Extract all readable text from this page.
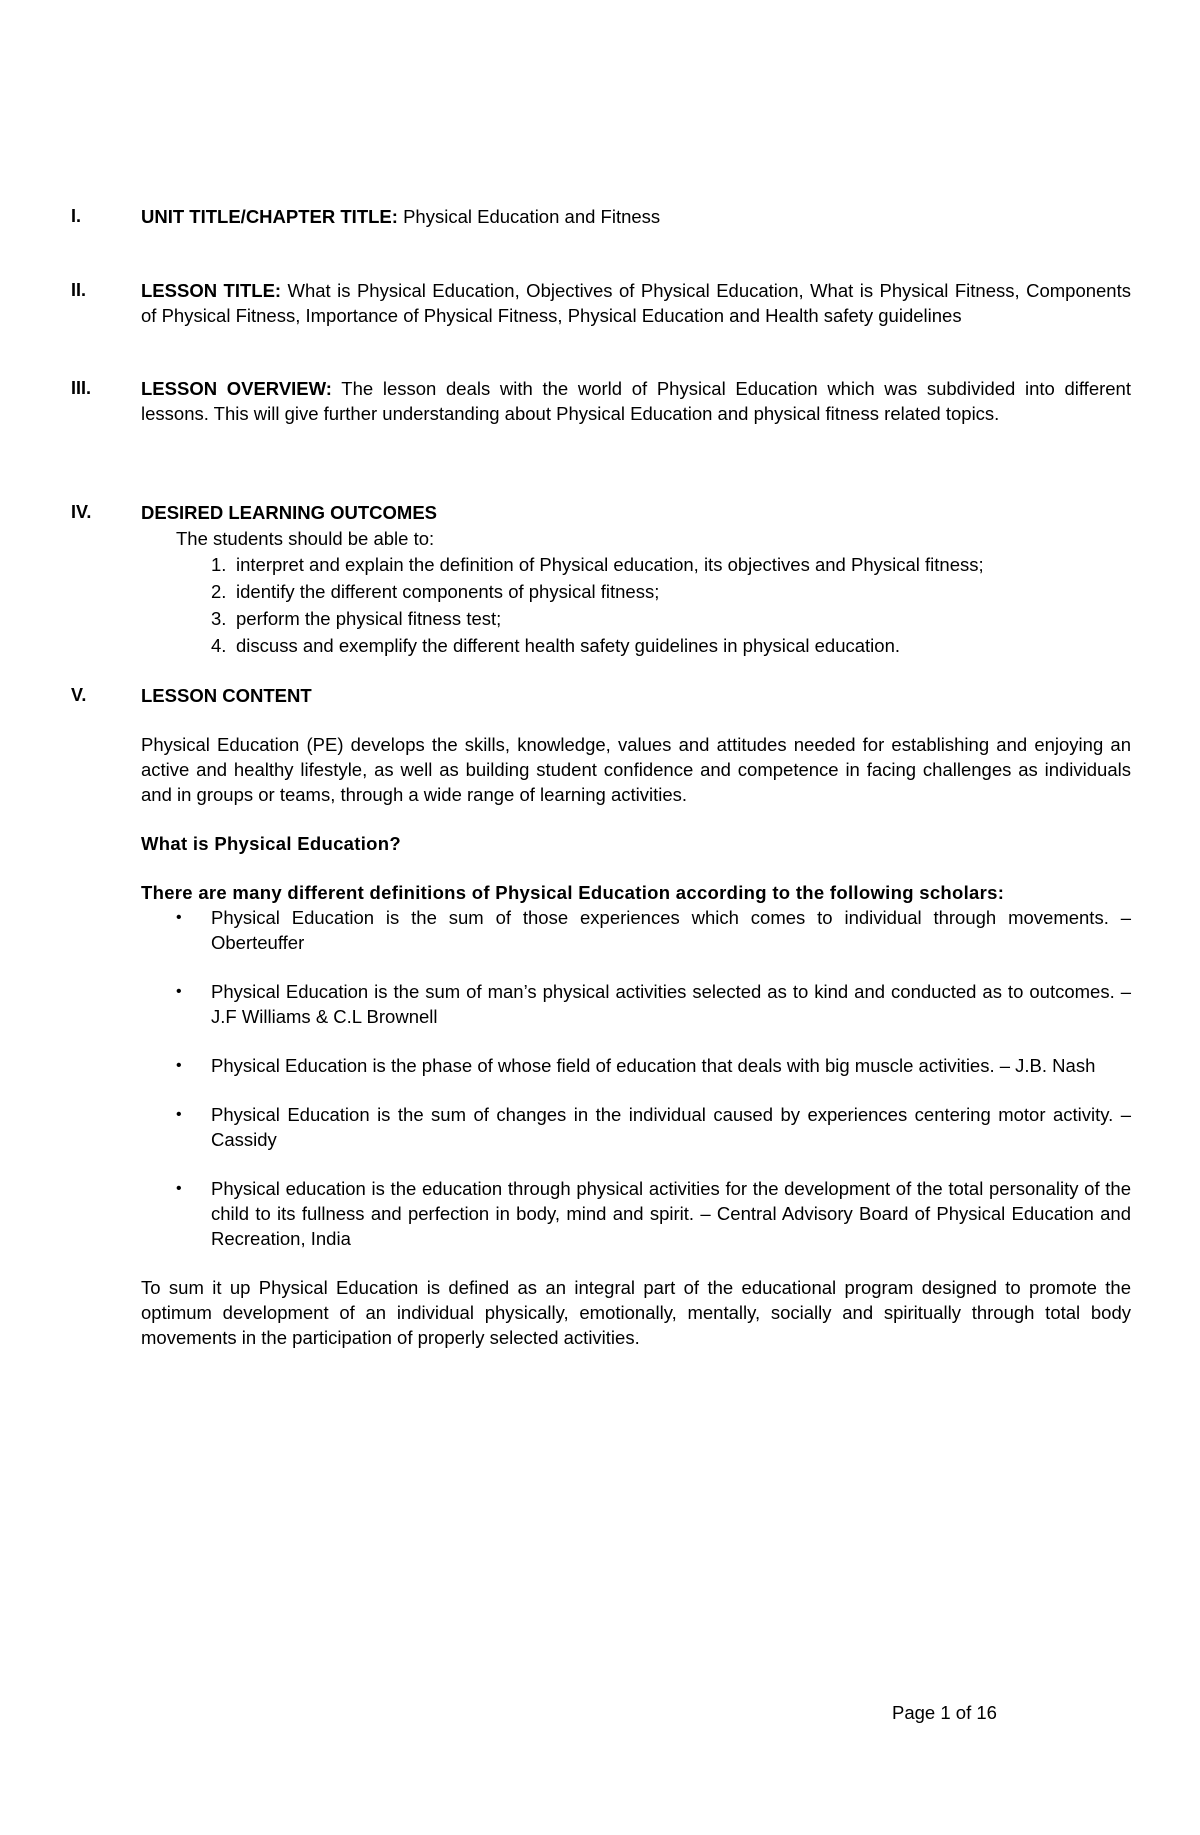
I.	UNIT TITLE/CHAPTER TITLE: Physical Education and Fitness
II.	LESSON TITLE: What is Physical Education, Objectives of Physical Education, What is Physical Fitness, Components of Physical Fitness, Importance of Physical Fitness, Physical Education and Health safety guidelines
III.	LESSON OVERVIEW: The lesson deals with the world of Physical Education which was subdivided into different lessons. This will give further understanding about Physical Education and physical fitness related topics.
IV.	DESIRED LEARNING OUTCOMES
The students should be able to:
1. interpret and explain the definition of Physical education, its objectives and Physical fitness;
2. identify the different components of physical fitness;
3. perform the physical fitness test;
4. discuss and exemplify the different health safety guidelines in physical education.
V.	LESSON CONTENT
Physical Education (PE) develops the skills, knowledge, values and attitudes needed for establishing and enjoying an active and healthy lifestyle, as well as building student confidence and competence in facing challenges as individuals and in groups or teams, through a wide range of learning activities.
What is Physical Education?
There are many different definitions of Physical Education according to the following scholars:
• Physical Education is the sum of those experiences which comes to individual through movements. – Oberteuffer
• Physical Education is the sum of man’s physical activities selected as to kind and conducted as to outcomes. – J.F Williams & C.L Brownell
• Physical Education is the phase of whose field of education that deals with big muscle activities. – J.B. Nash
• Physical Education is the sum of changes in the individual caused by experiences centering motor activity. – Cassidy
• Physical education is the education through physical activities for the development of the total personality of the child to its fullness and perfection in body, mind and spirit. – Central Advisory Board of Physical Education and Recreation, India
To sum it up Physical Education is defined as an integral part of the educational program designed to promote the optimum development of an individual physically, emotionally, mentally, socially and spiritually through total body movements in the participation of properly selected activities.
Page 1 of 16
